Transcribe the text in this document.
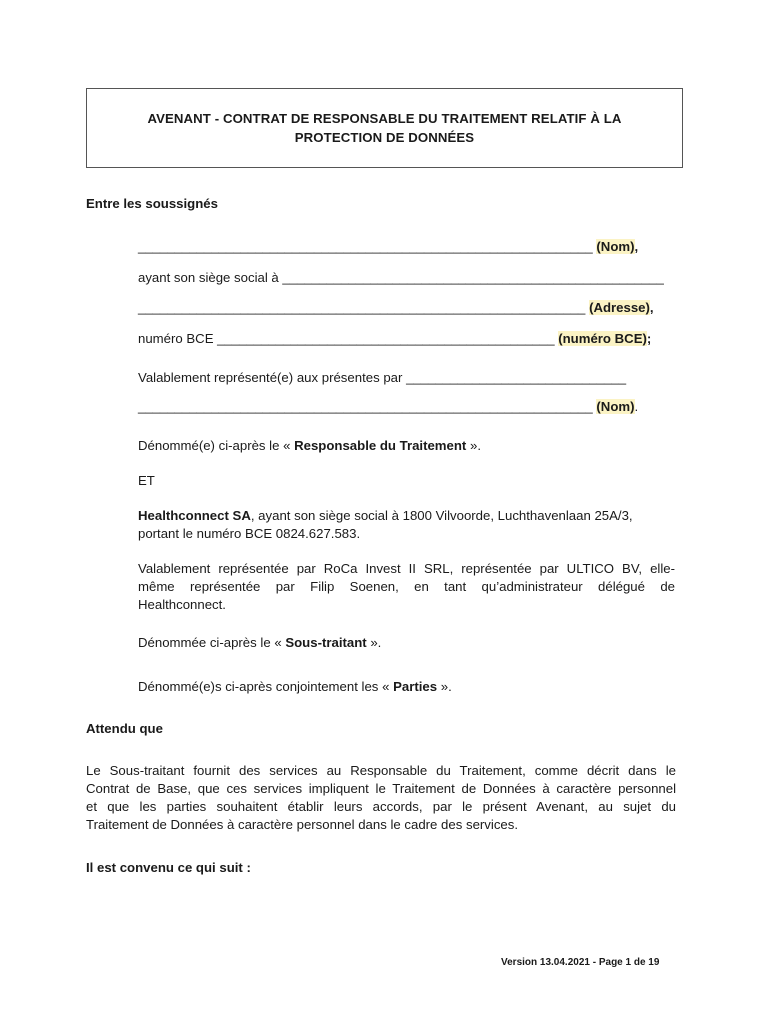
AVENANT - CONTRAT DE RESPONSABLE DU TRAITEMENT RELATIF À LA
PROTECTION DE DONNÉES
Entre les soussignés
______________________________________________________________ (Nom),
ayant son siège social à ____________________________________________________
_____________________________________________________________ (Adresse),
numéro BCE ______________________________________________ (numéro BCE);
Valablement représenté(e) aux présentes par ______________________________
______________________________________________________________ (Nom).
Dénommé(e) ci-après le « Responsable du Traitement ».
ET
Healthconnect SA, ayant son siège social à 1800 Vilvoorde, Luchthavenlaan 25A/3,
portant le numéro BCE 0824.627.583.
Valablement représentée par RoCa Invest II SRL, représentée par ULTICO BV, elle-
même représentée par Filip Soenen, en tant qu’administrateur délégué de
Healthconnect.
Dénommée ci-après le « Sous-traitant ».
Dénommé(e)s ci-après conjointement les « Parties ».
Attendu que
Le Sous-traitant fournit des services au Responsable du Traitement, comme décrit dans le
Contrat de Base, que ces services impliquent le Traitement de Données à caractère personnel
et que les parties souhaitent établir leurs accords, par le présent Avenant, au sujet du
Traitement de Données à caractère personnel dans le cadre des services.
Il est convenu ce qui suit :
Version 13.04.2021 - Page 1 de 19
